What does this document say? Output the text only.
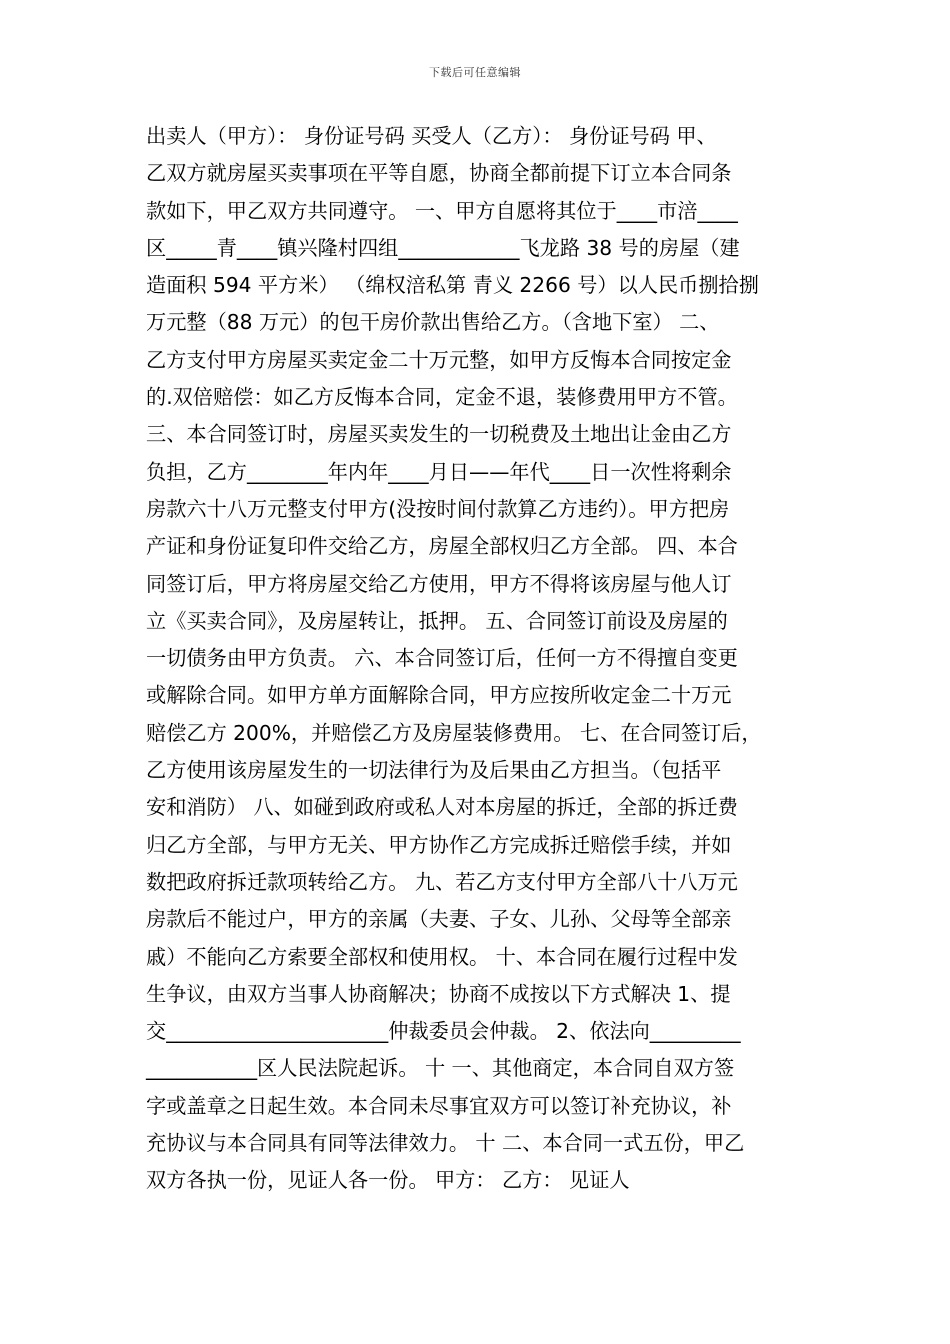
下载后可任意编辑
出卖人（甲方）： 身份证号码 买受人（乙方）： 身份证号码 甲、
乙双方就房屋买卖事项在平等自愿，协商全都前提下订立本合同条
款如下，甲乙双方共同遵守。 一、甲方自愿将其位于____市涪____
区_____青____镇兴隆村四组____________飞龙路 38 号的房屋（建
造面积 594 平方米） （绵权涪私第 青义 2266 号）以人民币捌拾捌
万元整（88 万元）的包干房价款出售给乙方。（含地下室） 二、
乙方支付甲方房屋买卖定金二十万元整，如甲方反悔本合同按定金
的.双倍赔偿：如乙方反悔本合同，定金不退，装修费用甲方不管。
三、本合同签订时，房屋买卖发生的一切税费及土地出让金由乙方
负担，乙方________年内年____月日——年代____日一次性将剩余
房款六十八万元整支付甲方(没按时间付款算乙方违约）。甲方把房
产证和身份证复印件交给乙方，房屋全部权归乙方全部。 四、本合
同签订后，甲方将房屋交给乙方使用，甲方不得将该房屋与他人订
立《买卖合同》，及房屋转让，抵押。 五、合同签订前设及房屋的
一切债务由甲方负责。 六、本合同签订后，任何一方不得擅自变更
或解除合同。如甲方单方面解除合同，甲方应按所收定金二十万元
赔偿乙方 200%，并赔偿乙方及房屋装修费用。 七、在合同签订后，
乙方使用该房屋发生的一切法律行为及后果由乙方担当。（包括平
安和消防） 八、如碰到政府或私人对本房屋的拆迁，全部的拆迁费
归乙方全部，与甲方无关、甲方协作乙方完成拆迁赔偿手续，并如
数把政府拆迁款项转给乙方。 九、若乙方支付甲方全部八十八万元
房款后不能过户，甲方的亲属（夫妻、子女、儿孙、父母等全部亲
戚）不能向乙方索要全部权和使用权。 十、本合同在履行过程中发
生争议，由双方当事人协商解决；协商不成按以下方式解决 1、提
交______________________仲裁委员会仲裁。 2、依法向_________
___________区人民法院起诉。 十 一、其他商定，本合同自双方签
字或盖章之日起生效。本合同未尽事宜双方可以签订补充协议，补
充协议与本合同具有同等法律效力。 十 二、本合同一式五份，甲乙
双方各执一份，见证人各一份。 甲方： 乙方： 见证人
